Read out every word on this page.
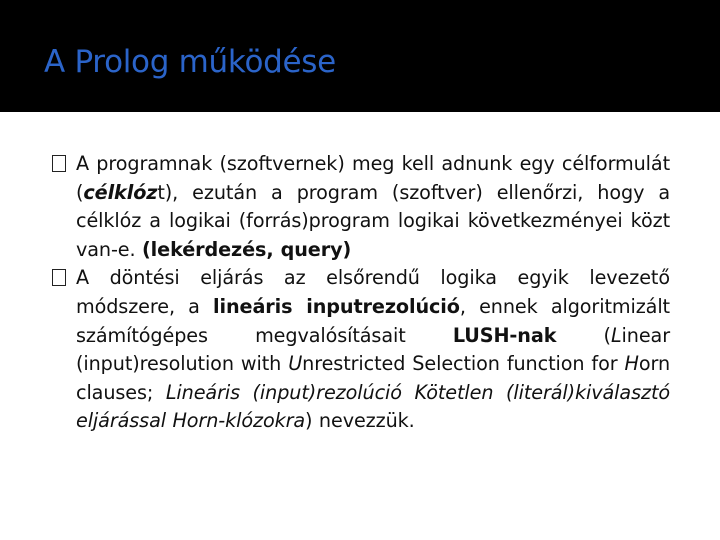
A Prolog működése

A programnak (szoftvernek) meg kell adnunk egy célformulát (célklózt), ezután a program (szoftver) ellenőrzi, hogy a célklóz a logikai (forrás)program logikai következményei közt van-e. (lekérdezés, query)

A döntési eljárás az elsőrendű logika egyik levezető módszere, a lineáris inputrezolúció, ennek algoritmizált számítógépes megvalósításait LUSH-nak (Linear (input)resolution with Unrestricted Selection function for Horn clauses; Lineáris (input)rezolúció Kötetlen (literál)kiválasztó eljárással Horn-klózokra) nevezzük.
